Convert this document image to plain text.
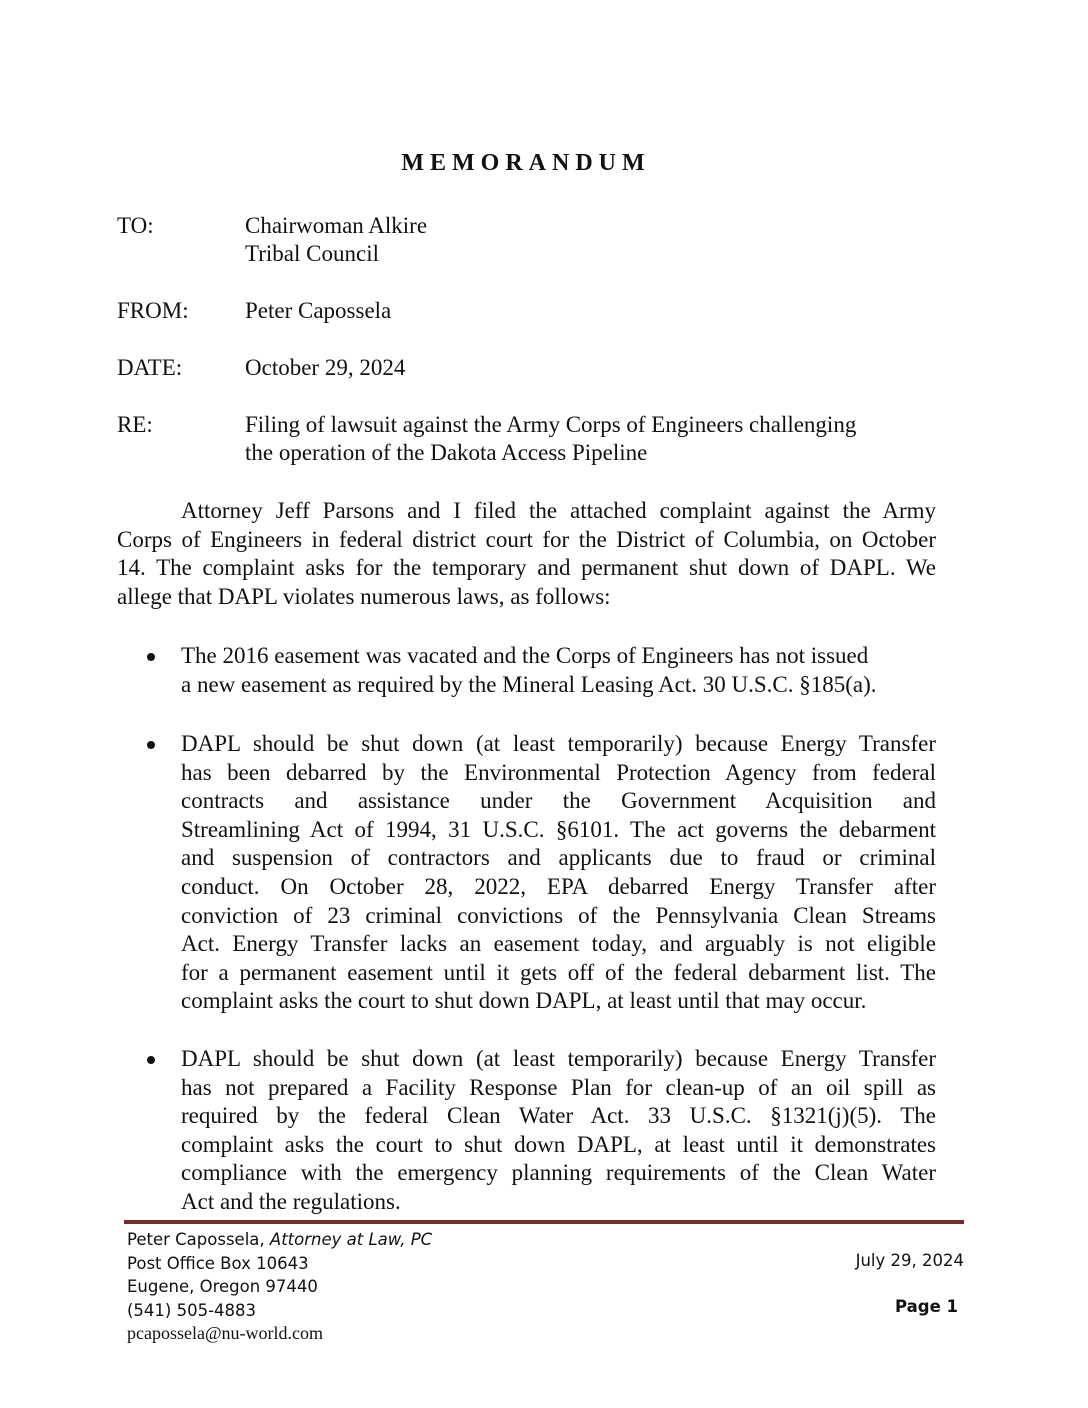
MEMORANDUM
TO:	Chairwoman Alkire
Tribal Council
FROM: Peter Capossela
DATE:	October 29, 2024
RE:	Filing of lawsuit against the Army Corps of Engineers challenging
the operation of the Dakota Access Pipeline
Attorney Jeff Parsons and I filed the attached complaint against the Army
Corps of Engineers in federal district court for the District of Columbia, on October
14. The complaint asks for the temporary and permanent shut down of DAPL. We
allege that DAPL violates numerous laws, as follows:
The 2016 easement was vacated and the Corps of Engineers has not issued
a new easement as required by the Mineral Leasing Act. 30 U.S.C. §185(a).
DAPL should be shut down (at least temporarily) because Energy Transfer
has been debarred by the Environmental Protection Agency from federal
contracts and assistance under the Government Acquisition and
Streamlining Act of 1994, 31 U.S.C. §6101. The act governs the debarment
and suspension of contractors and applicants due to fraud or criminal
conduct. On October 28, 2022, EPA debarred Energy Transfer after
conviction of 23 criminal convictions of the Pennsylvania Clean Streams
Act. Energy Transfer lacks an easement today, and arguably is not eligible
for a permanent easement until it gets off of the federal debarment list. The
complaint asks the court to shut down DAPL, at least until that may occur.
DAPL should be shut down (at least temporarily) because Energy Transfer
has not prepared a Facility Response Plan for clean-up of an oil spill as
required by the federal Clean Water Act. 33 U.S.C. §1321(j)(5). The
complaint asks the court to shut down DAPL, at least until it demonstrates
compliance with the emergency planning requirements of the Clean Water
Act and the regulations.
Peter Capossela, Attorney at Law, PC
Post Office Box 10643
Eugene, Oregon 97440
(541) 505-4883
pcapossela@nu-world.com
July 29, 2024
Page 1
